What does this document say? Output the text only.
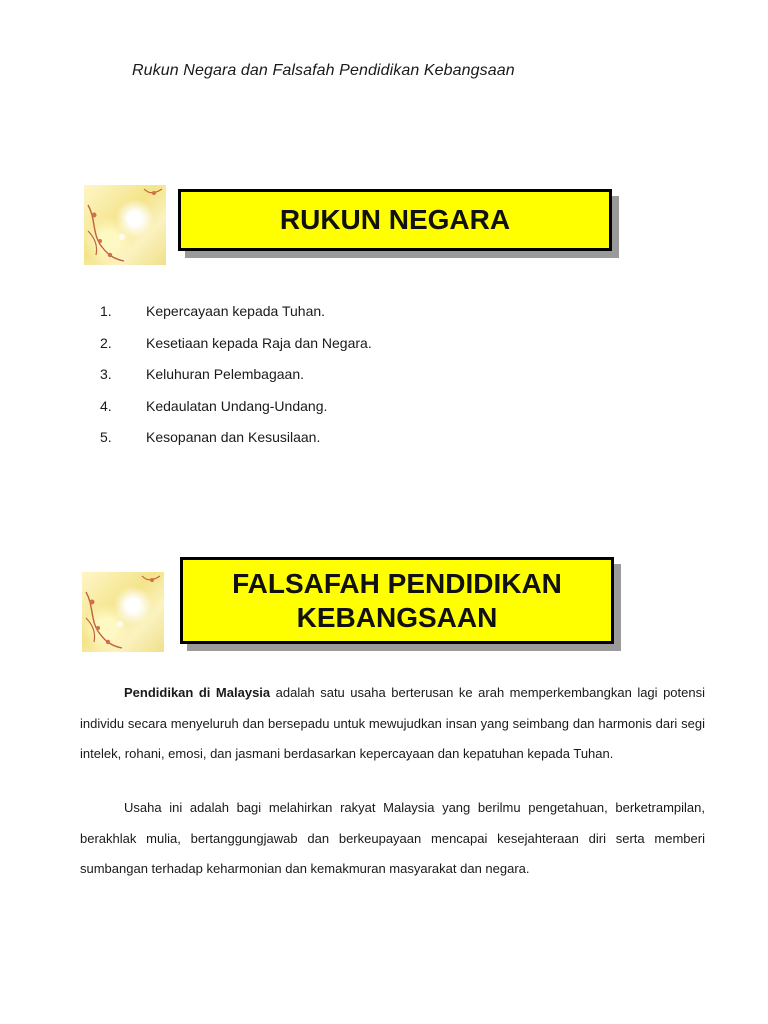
Rukun Negara dan Falsafah Pendidikan Kebangsaan
RUKUN NEGARA
1.	Kepercayaan kepada Tuhan.
2.	Kesetiaan kepada Raja dan Negara.
3.	Keluhuran Pelembagaan.
4.	Kedaulatan Undang-Undang.
5.	Kesopanan dan Kesusilaan.
FALSAFAH PENDIDIKAN
KEBANGSAAN

Pendidikan di Malaysia adalah satu usaha berterusan ke arah memperkembangkan lagi potensi individu secara menyeluruh dan bersepadu untuk mewujudkan insan yang seimbang dan harmonis dari segi intelek, rohani, emosi, dan jasmani berdasarkan kepercayaan dan kepatuhan kepada Tuhan.

Usaha ini adalah bagi melahirkan rakyat Malaysia yang berilmu pengetahuan, berketrampilan, berakhlak mulia, bertanggungjawab dan berkeupayaan mencapai kesejahteraan diri serta memberi sumbangan terhadap keharmonian dan kemakmuran masyarakat dan negara.
